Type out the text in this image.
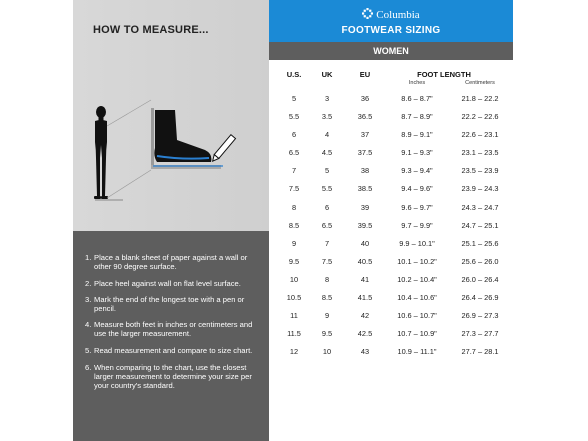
HOW TO MEASURE...
1. Place a blank sheet of paper against a wall or other 90 degree surface.
2. Place heel against wall on flat level surface.
3. Mark the end of the longest toe with a pen or pencil.
4. Measure both feet in inches or centimeters and use the larger measurement.
5. Read measurement and compare to size chart.
6. When comparing to the chart, use the closest larger measurement to determine your size per your country's standard.
Columbia
FOOTWEAR SIZING
WOMEN
U.S.	UK	EU	FOOT LENGTH
Inches	Centimeters
5	3	36	8.6 – 8.7"	21.8 – 22.2
5.5	3.5	36.5	8.7 – 8.9"	22.2 – 22.6
6	4	37	8.9 – 9.1"	22.6 – 23.1
6.5	4.5	37.5	9.1 – 9.3"	23.1 – 23.5
7	5	38	9.3 – 9.4"	23.5 – 23.9
7.5	5.5	38.5	9.4 – 9.6"	23.9 – 24.3
8	6	39	9.6 – 9.7"	24.3 – 24.7
8.5	6.5	39.5	9.7 – 9.9"	24.7 – 25.1
9	7	40	9.9 – 10.1"	25.1 – 25.6
9.5	7.5	40.5	10.1 – 10.2"	25.6 – 26.0
10	8	41	10.2 – 10.4"	26.0 – 26.4
10.5	8.5	41.5	10.4 – 10.6"	26.4 – 26.9
11	9	42	10.6 – 10.7"	26.9 – 27.3
11.5	9.5	42.5	10.7 – 10.9"	27.3 – 27.7
12	10	43	10.9 – 11.1"	27.7 – 28.1
